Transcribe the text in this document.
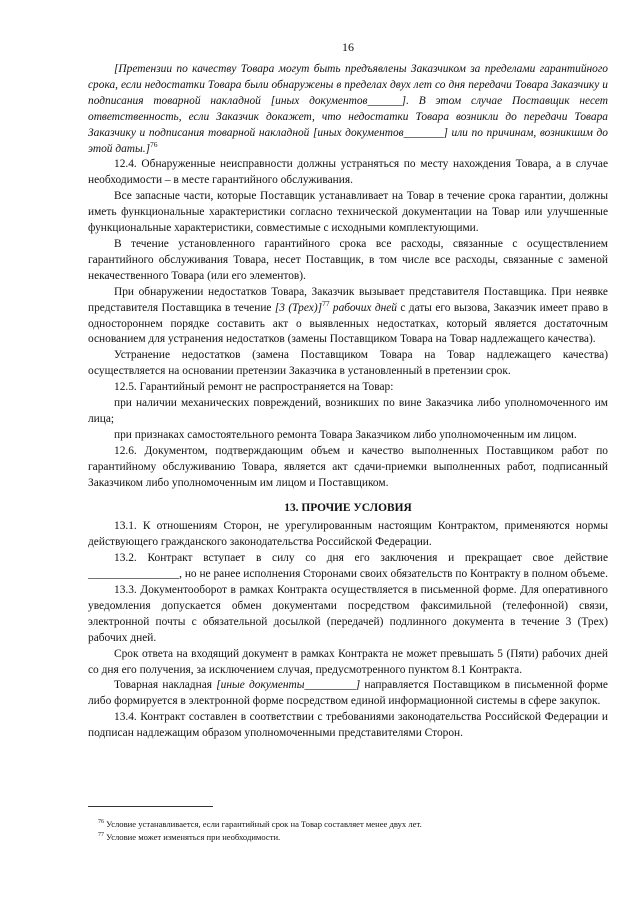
16

[Претензии по качеству Товара могут быть предъявлены Заказчиком за пределами гарантийного срока, если недостатки Товара были обнаружены в пределах двух лет со дня передачи Товара Заказчику и подписания товарной накладной [иных документов______]. В этом случае Поставщик несет ответственность, если Заказчик докажет, что недостатки Товара возникли до передачи Товара Заказчику и подписания товарной накладной [иных документов_______] или по причинам, возникшим до этой даты.]$^{76}$

12.4. Обнаруженные неисправности должны устраняться по месту нахождения Товара, а в случае необходимости – в месте гарантийного обслуживания.

Все запасные части, которые Поставщик устанавливает на Товар в течение срока гарантии, должны иметь функциональные характеристики согласно технической документации на Товар или улучшенные функциональные характеристики, совместимые с исходными комплектующими.

В течение установленного гарантийного срока все расходы, связанные с осуществлением гарантийного обслуживания Товара, несет Поставщик, в том числе все расходы, связанные с заменой некачественного Товара (или его элементов).

При обнаружении недостатков Товара, Заказчик вызывает представителя Поставщика. При неявке представителя Поставщика в течение [3 (Трех)]$^{77}$ рабочих дней с даты его вызова, Заказчик имеет право в одностороннем порядке составить акт о выявленных недостатках, который является достаточным основанием для устранения недостатков (замены Поставщиком Товара на Товар надлежащего качества).

Устранение недостатков (замена Поставщиком Товара на Товар надлежащего качества) осуществляется на основании претензии Заказчика в установленный в претензии срок.

12.5. Гарантийный ремонт не распространяется на Товар:

при наличии механических повреждений, возникших по вине Заказчика либо уполномоченного им лица;

при признаках самостоятельного ремонта Товара Заказчиком либо уполномоченным им лицом.

12.6. Документом, подтверждающим объем и качество выполненных Поставщиком работ по гарантийному обслуживанию Товара, является акт сдачи-приемки выполненных работ, подписанный Заказчиком либо уполномоченным им лицом и Поставщиком.

13. ПРОЧИЕ УСЛОВИЯ

13.1. К отношениям Сторон, не урегулированным настоящим Контрактом, применяются нормы действующего гражданского законодательства Российской Федерации.

13.2. Контракт вступает в силу со дня его заключения и прекращает свое действие ________________, но не ранее исполнения Сторонами своих обязательств по Контракту в полном объеме.

13.3. Документооборот в рамках Контракта осуществляется в письменной форме. Для оперативного уведомления допускается обмен документами посредством факсимильной (телефонной) связи, электронной почты с обязательной досылкой (передачей) подлинного документа в течение 3 (Трех) рабочих дней.

Срок ответа на входящий документ в рамках Контракта не может превышать 5 (Пяти) рабочих дней со дня его получения, за исключением случая, предусмотренного пунктом 8.1 Контракта.

Товарная накладная [иные документы_________] направляется Поставщиком в письменной форме либо формируется в электронной форме посредством единой информационной системы в сфере закупок.

13.4. Контракт составлен в соответствии с требованиями законодательства Российской Федерации и подписан надлежащим образом уполномоченными представителями Сторон.

$^{76}$ Условие устанавливается, если гарантийный срок на Товар составляет менее двух лет.
$^{77}$ Условие может изменяться при необходимости.
